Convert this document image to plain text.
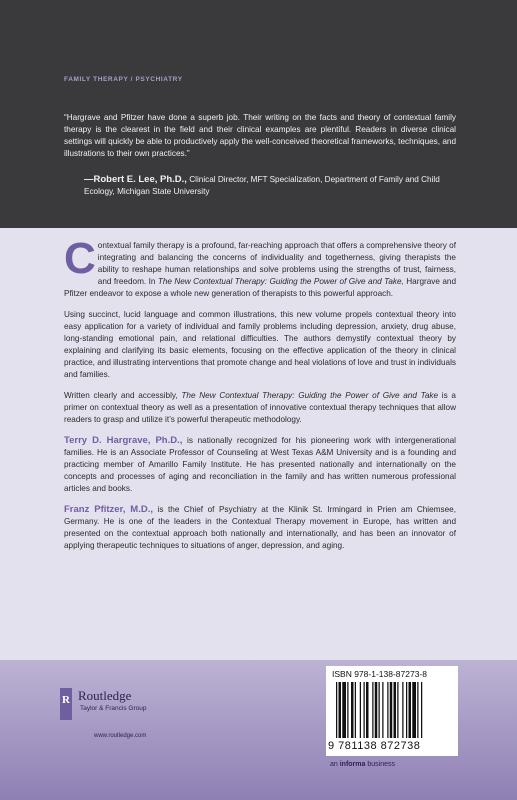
FAMILY THERAPY / PSYCHIATRY
“Hargrave and Pfitzer have done a superb job. Their writing on the facts and theory of contextual family therapy is the clearest in the field and their clinical examples are plentiful. Readers in diverse clinical settings will quickly be able to productively apply the well-conceived theoretical frameworks, techniques, and illustrations to their own practices.”
—Robert E. Lee, Ph.D., Clinical Director, MFT Specialization, Department of Family and Child Ecology, Michigan State University

Contextual family therapy is a profound, far-reaching approach that offers a comprehensive theory of integrating and balancing the concerns of individuality and togetherness, giving therapists the ability to reshape human relationships and solve problems using the strengths of trust, fairness, and freedom. In The New Contextual Therapy: Guiding the Power of Give and Take, Hargrave and Pfitzer endeavor to expose a whole new generation of therapists to this powerful approach.

Using succinct, lucid language and common illustrations, this new volume propels contextual theory into easy application for a variety of individual and family problems including depression, anxiety, drug abuse, long-standing emotional pain, and relational difficulties. The authors demystify contextual theory by explaining and clarifying its basic elements, focusing on the effective application of the theory in clinical practice, and illustrating interventions that promote change and heal violations of love and trust in individuals and families.

Written clearly and accessibly, The New Contextual Therapy: Guiding the Power of Give and Take is a primer on contextual theory as well as a presentation of innovative contextual therapy techniques that allow readers to grasp and utilize it’s powerful therapeutic methodology.

Terry D. Hargrave, Ph.D., is nationally recognized for his pioneering work with intergenerational families. He is an Associate Professor of Counseling at West Texas A&M University and is a founding and practicing member of Amarillo Family Institute. He has presented nationally and internationally on the concepts and processes of aging and reconciliation in the family and has written numerous professional articles and books.

Franz Pfitzer, M.D., is the Chief of Psychiatry at the Klinik St. Irmingard in Prien am Chiemsee, Germany. He is one of the leaders in the Contextual Therapy movement in Europe, has written and presented on the contextual approach both nationally and internationally, and has been an innovator of applying therapeutic techniques to situations of anger, depression, and aging.

R Routledge
Taylor & Francis Group
www.routledge.com
ISBN 978-1-138-87273-8
9 781138 872738
an informa business
